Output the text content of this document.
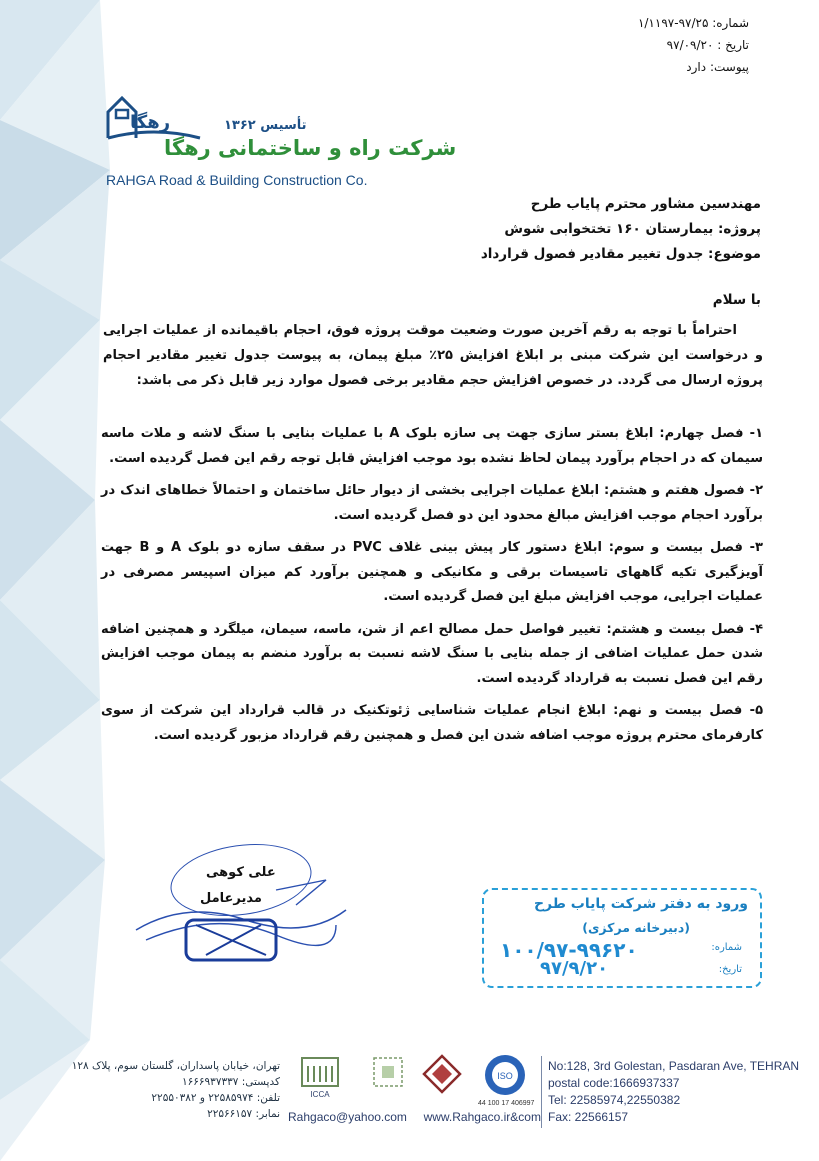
شماره: ۹۷/۲۵-۱/۱۱۹۷
تاریخ : ۹۷/۰۹/۲۰
پیوست: دارد
رهگا	تأسیس ۱۳۶۲
شرکت راه و ساختمانی رهگا
RAHGA Road & Building Construction Co.
مهندسین مشاور محترم پایاب طرح
پروژه: بیمارستان ۱۶۰ تختخوابی شوش
موضوع: جدول تغییر مقادیر فصول قرارداد
با سلام

احتراماً با توجه به رقم آخرین صورت وضعیت موقت پروژه فوق، احجام باقیمانده از عملیات اجرایی و درخواست این شرکت مبنی بر ابلاغ افزایش ۲۵٪ مبلغ پیمان، به پیوست جدول تغییر مقادیر احجام پروژه ارسال می گردد. در خصوص افزایش حجم مقادیر برخی فصول موارد زیر قابل ذکر می باشد:

۱- فصل چهارم: ابلاغ بستر سازی جهت پی سازه بلوک A با عملیات بنایی با سنگ لاشه و ملات ماسه سیمان که در احجام برآورد پیمان لحاظ نشده بود موجب افزایش قابل توجه رقم این فصل گردیده است.

۲- فصول هفتم و هشتم: ابلاغ عملیات اجرایی بخشی از دیوار حائل ساختمان و احتمالاً خطاهای اندک در برآورد احجام موجب افزایش مبالغ محدود این دو فصل گردیده است.

۳- فصل بیست و سوم: ابلاغ دستور کار پیش بینی غلاف PVC در سقف سازه دو بلوک A و B جهت آویزگیری تکیه گاههای تاسیسات برقی و مکانیکی و همچنین برآورد کم میزان اسپیسر مصرفی در عملیات اجرایی، موجب افزایش مبلغ این فصل گردیده است.

۴- فصل بیست و هشتم: تغییر فواصل حمل مصالح اعم از شن، ماسه، سیمان، میلگرد و همچنین اضافه شدن حمل عملیات اضافی از جمله بنایی با سنگ لاشه نسبت به برآورد منضم به پیمان موجب افزایش رقم این فصل نسبت به قرارداد گردیده است.

۵- فصل بیست و نهم: ابلاغ انجام عملیات شناسایی ژئوتکنیک در قالب قرارداد این شرکت از سوی کارفرمای محترم پروژه موجب اضافه شدن این فصل و همچنین رقم قرارداد مزبور گردیده است.

علی کوهی
مدیرعامل	ورود به دفتر شرکت پایاب طرح
(دبیرخانه مرکزی)
شماره:
۱۰۰/۹۷-۹۹۶۲۰
تاریخ:
۹۷/۹/۲۰
تهران، خیابان پاسداران، گلستان سوم، پلاک ۱۲۸
کدپستی: ۱۶۶۶۹۳۷۳۳۷
تلفن: ۲۲۵۸۵۹۷۴ و ۲۲۵۵۰۳۸۲
نمابر: ۲۲۵۶۶۱۵۷
ICCA
ISO
44 100 17 406997
Rahgaco@yahoo.com www.Rahgaco.ir&com
No:128, 3rd Golestan, Pasdaran Ave, TEHRAN
postal code:1666937337
Tel: 22585974,22550382
Fax: 22566157
